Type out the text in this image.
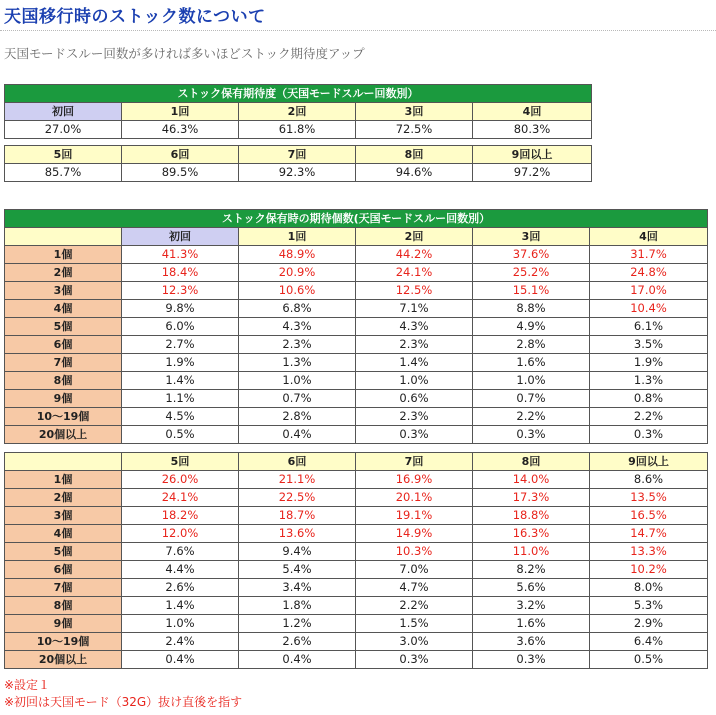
天国移行時のストック数について
天国モードスルー回数が多ければ多いほどストック期待度アップ
ストック保有期待度（天国モードスルー回数別）				
初回	1回	2回	3回	4回
27.0%	46.3%	61.8%	72.5%	80.3%
5回	6回	7回	8回	9回以上
85.7%	89.5%	92.3%	94.6%	97.2%
ストック保有時の期待個数(天国モードスルー回数別）					
	初回	1回	2回	3回	4回
1個	41.3%	48.9%	44.2%	37.6%	31.7%
2個	18.4%	20.9%	24.1%	25.2%	24.8%
3個	12.3%	10.6%	12.5%	15.1%	17.0%
4個	9.8%	6.8%	7.1%	8.8%	10.4%
5個	6.0%	4.3%	4.3%	4.9%	6.1%
6個	2.7%	2.3%	2.3%	2.8%	3.5%
7個	1.9%	1.3%	1.4%	1.6%	1.9%
8個	1.4%	1.0%	1.0%	1.0%	1.3%
9個	1.1%	0.7%	0.6%	0.7%	0.8%
10～19個	4.5%	2.8%	2.3%	2.2%	2.2%
20個以上	0.5%	0.4%	0.3%	0.3%	0.3%
	5回	6回	7回	8回	9回以上
1個	26.0%	21.1%	16.9%	14.0%	8.6%
2個	24.1%	22.5%	20.1%	17.3%	13.5%
3個	18.2%	18.7%	19.1%	18.8%	16.5%
4個	12.0%	13.6%	14.9%	16.3%	14.7%
5個	7.6%	9.4%	10.3%	11.0%	13.3%
6個	4.4%	5.4%	7.0%	8.2%	10.2%
7個	2.6%	3.4%	4.7%	5.6%	8.0%
8個	1.4%	1.8%	2.2%	3.2%	5.3%
9個	1.0%	1.2%	1.5%	1.6%	2.9%
10～19個	2.4%	2.6%	3.0%	3.6%	6.4%
20個以上	0.4%	0.4%	0.3%	0.3%	0.5%
※設定１
※初回は天国モード（32G）抜け直後を指す
